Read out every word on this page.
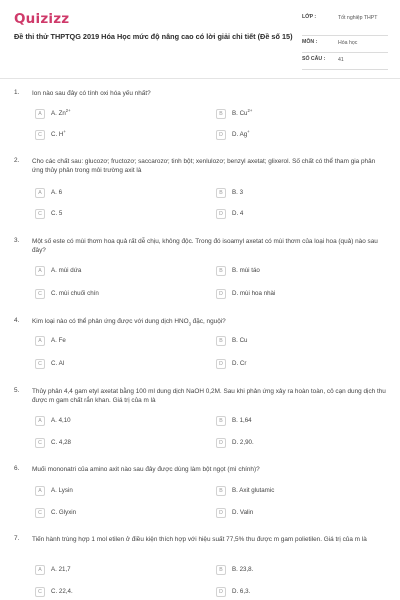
Quizizz
Đề thi thử THPTQG 2019 Hóa Học mức độ nâng cao có lời giải chi tiết (Đề số 15)
LỚP :	Tốt nghiệp THPT
MÔN :	Hóa học
SỐ CÂU : 41
1. Ion nào sau đây có tính oxi hóa yếu nhất?
A	A. $Zn^{2+}$
B	B. $Cu^{2+}$
C	C. H+
D	D. Ag+
2. Cho các chất sau: glucozơ; fructozơ; saccarozơ; tinh bột; xenlulozơ; benzyl axetat; glixerol. Số chất có thể tham gia phản ứng thủy phân trong môi trường axit là
A	A. 6	B	B. 3
C	C. 5	D	D. 4
3. Một số este có mùi thơm hoa quả rất dễ chịu, không độc. Trong đó isoamyl axetat có mùi thơm của loại hoa (quả) nào sau đây?
A	A. mùi dứa	B	B. mùi táo
C	C. mùi chuối chín	D	D. mùi hoa nhài
4. Kim loại nào có thể phản ứng được với dung dịch $HNO_3$ đặc, nguội?
A	A. Fe	B	B. Cu
C	C. Al	D	D. Cr
5. Thủy phân 4,4 gam etyl axetat bằng 100 ml dung dịch NaOH 0,2M. Sau khi phản ứng xảy ra hoàn toàn, cô cạn dung dịch thu được m gam chất rắn khan. Giá trị của m là
A	A. 4,10	B	B. 1,64
C	C. 4,28	D	D. 2,90.
6. Muối mononatri của amino axit nào sau đây được dùng làm bột ngọt (mì chính)?
A	A. Lysin	B	B. Axit glutamic
C	C. Glyxin	D	D. Valin
7. Tiến hành trùng hợp 1 mol etilen ở điều kiện thích hợp với hiệu suất 77,5% thu được m gam polietilen. Giá trị của m là
A	A. 21,7	B	B. 23,8.
C	C. 22,4.	D	D. 6,3.
